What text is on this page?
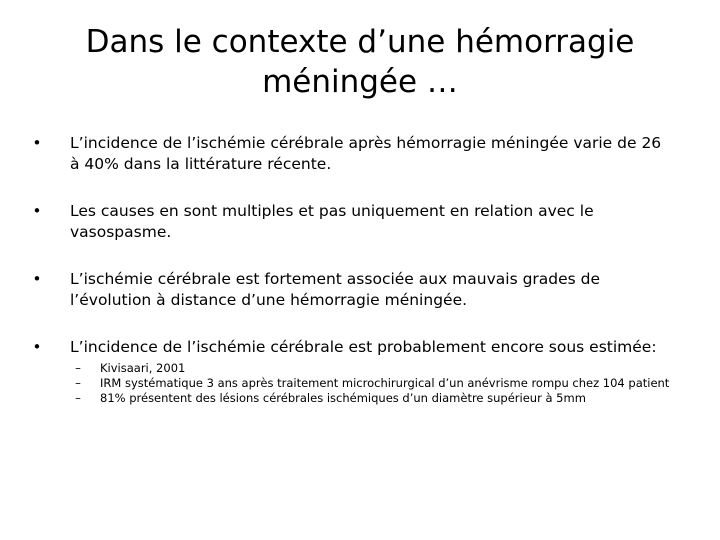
Dans le contexte d’une hémorragie
méningée …
• L’incidence de l’ischémie cérébrale après hémorragie méningée varie de 26 à 40% dans la littérature récente.
• Les causes en sont multiples et pas uniquement en relation avec le vasospasme.
• L’ischémie cérébrale est fortement associée aux mauvais grades de l’évolution à distance d’une hémorragie méningée.
• L’incidence de l’ischémie cérébrale est probablement encore sous estimée:
–	Kivisaari, 2001
–	IRM systématique 3 ans après traitement microchirurgical d’un anévrisme rompu chez 104 patient
–	81% présentent des lésions cérébrales ischémiques d’un diamètre supérieur à 5mm
